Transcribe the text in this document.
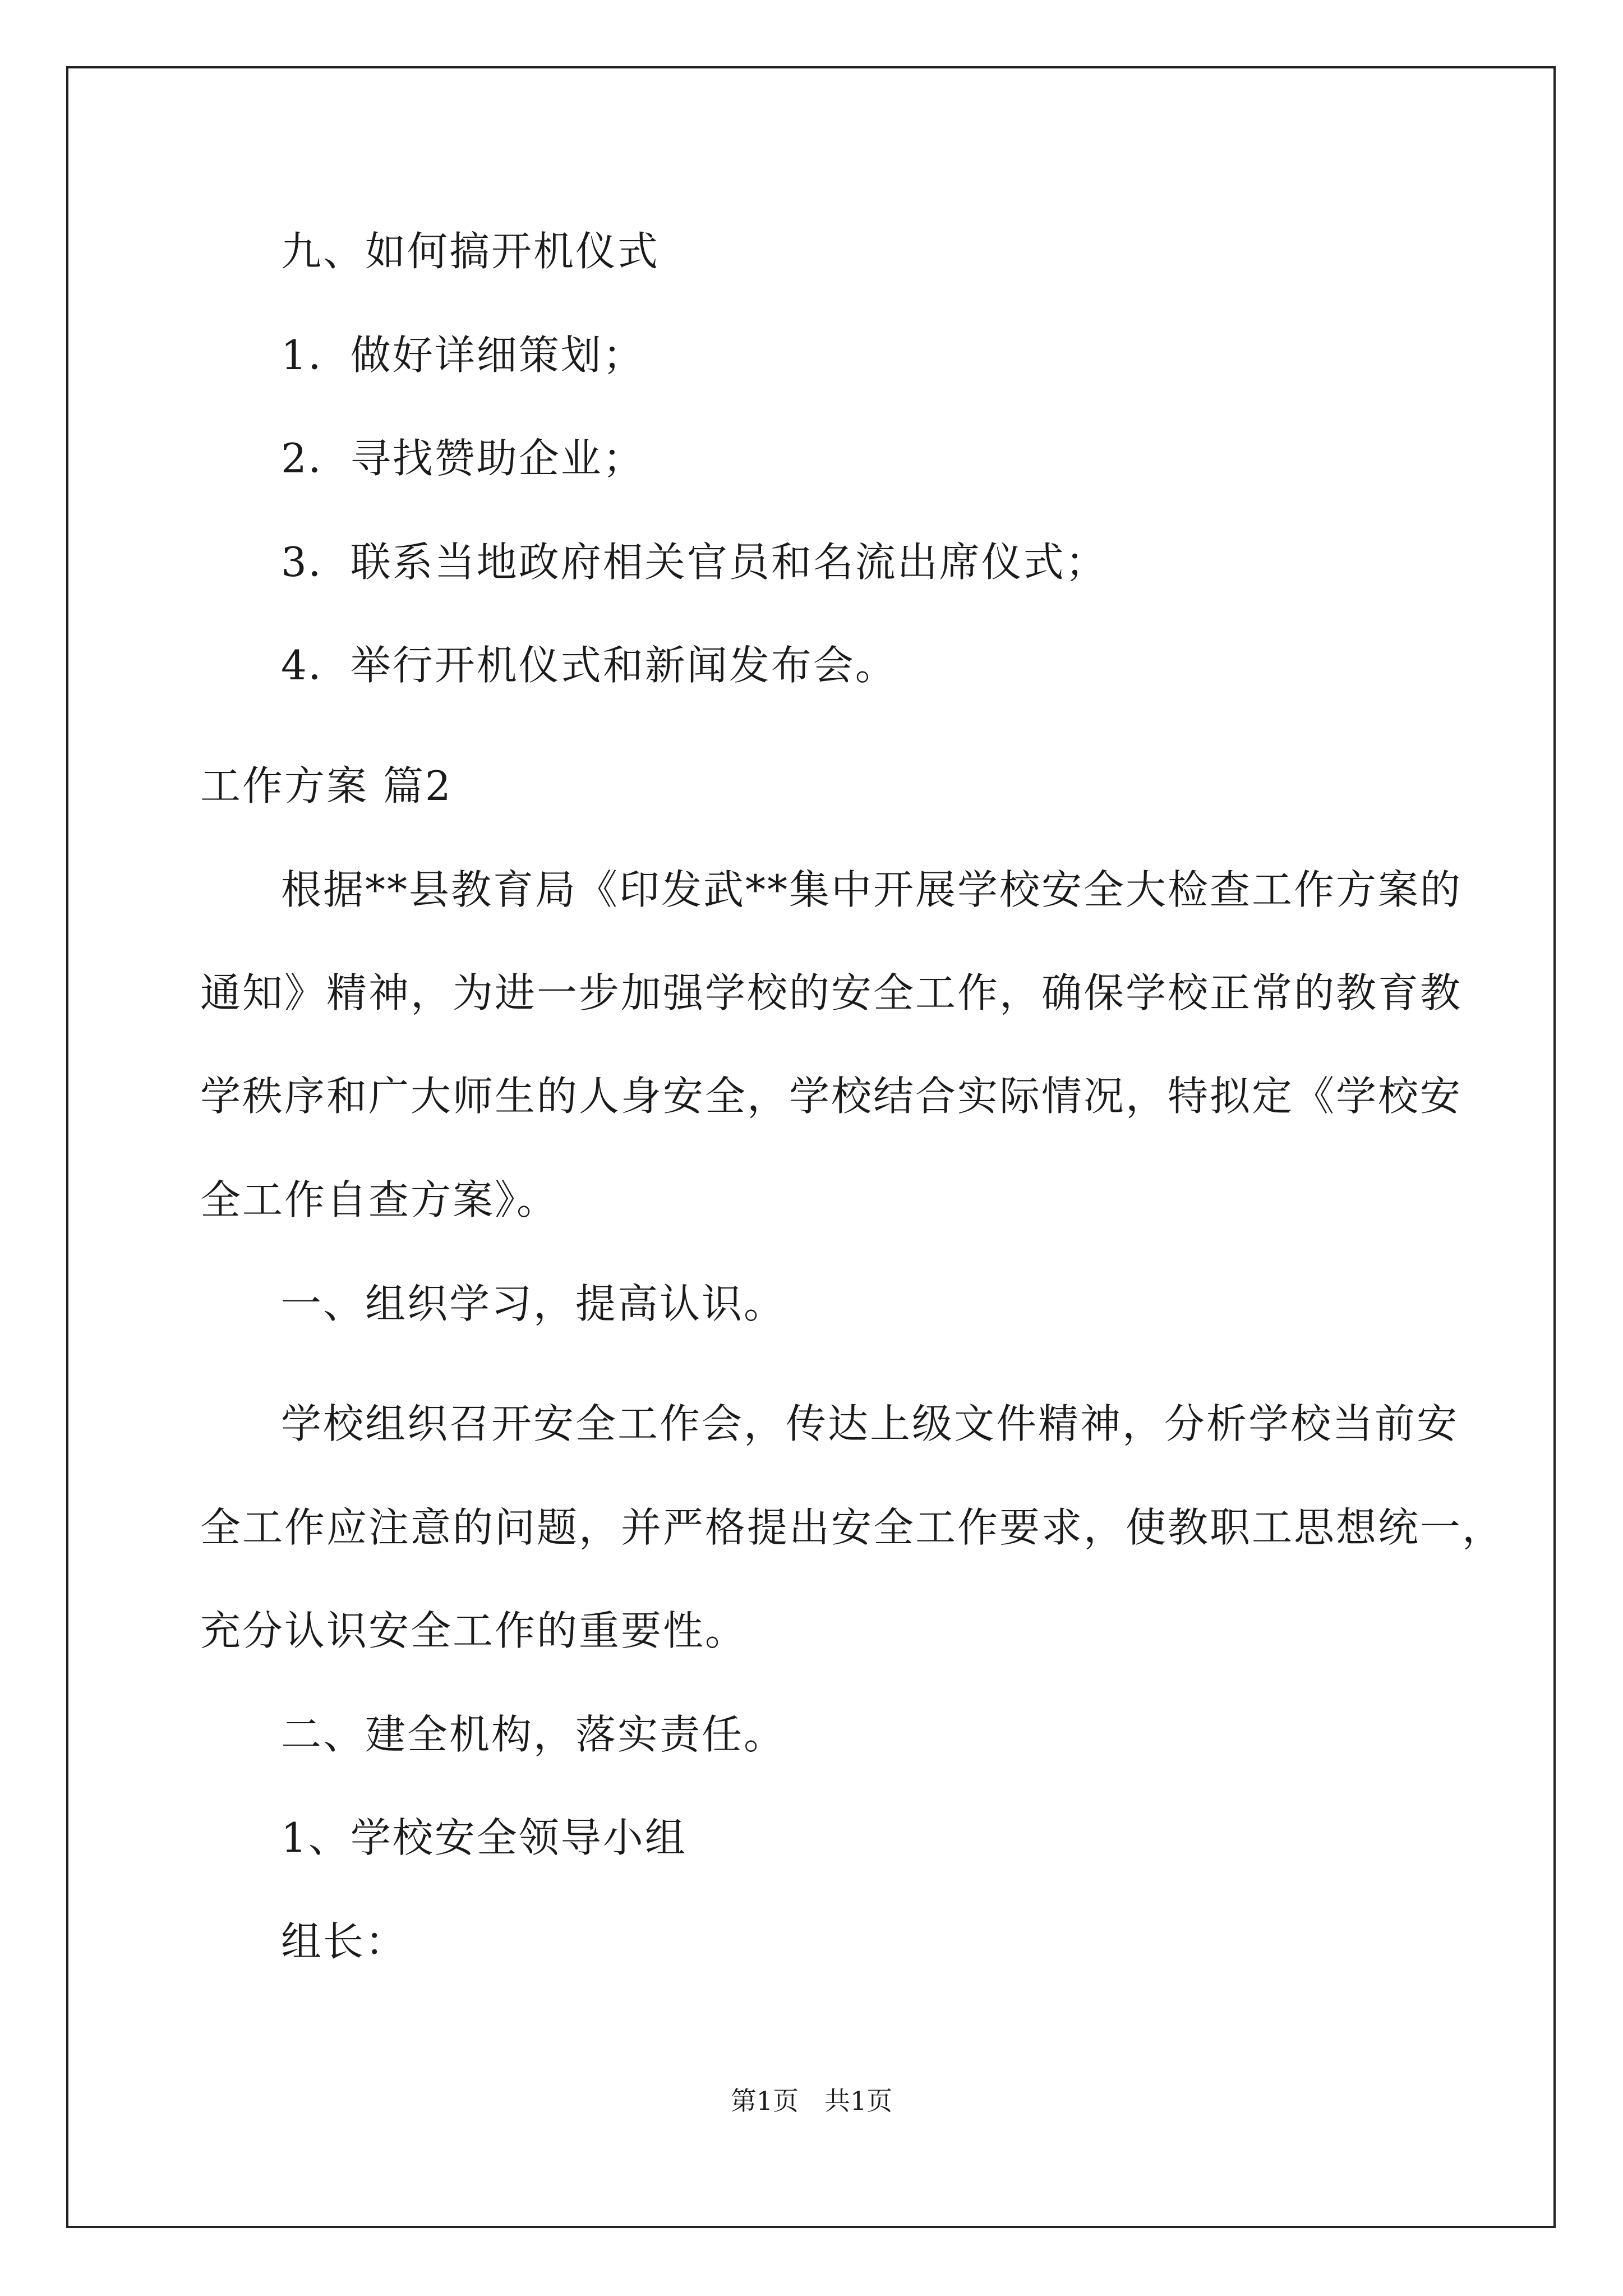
九、如何搞开机仪式
1．做好详细策划；
2．寻找赞助企业；
3．联系当地政府相关官员和名流出席仪式；
4．举行开机仪式和新闻发布会。
工作方案 篇2
根据**县教育局《印发武**集中开展学校安全大检查工作方案的
通知》精神，为进一步加强学校的安全工作，确保学校正常的教育教
学秩序和广大师生的人身安全，学校结合实际情况，特拟定《学校安
全工作自查方案》。
一、组织学习，提高认识。
学校组织召开安全工作会，传达上级文件精神，分析学校当前安
全工作应注意的问题，并严格提出安全工作要求，使教职工思想统一，
充分认识安全工作的重要性。
二、建全机构，落实责任。
1、学校安全领导小组
组长：
第1页　共1页
